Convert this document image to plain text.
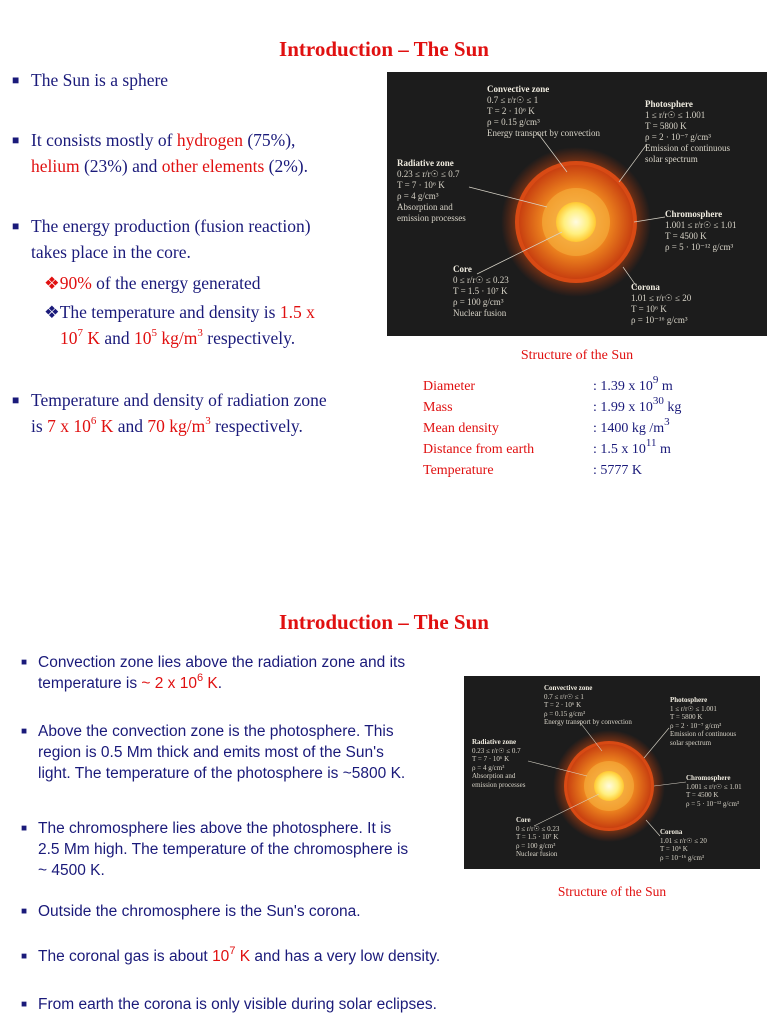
Introduction – The Sun
■ The Sun is a sphere
■ It consists mostly of hydrogen (75%),
helium (23%) and other elements (2%).
■ The energy production (fusion reaction)
takes place in the core.
❖90% of the energy generated
❖The temperature and density is 1.5 x
$10^7$ K and $10^5$ $kg/m^3$ respectively.
■ Temperature and density of radiation zone
is 7 x $10^6$ K and 70 $kg/m^3$ respectively.
Convective zone
0.7 ≤ r/r☉ ≤ 1
T = 2 · 10⁶ K
ρ = 0.15 g/cm³
Energy transport by convection
Photosphere
1 ≤ r/r☉ ≤ 1.001
T = 5800 K
ρ = 2 · 10⁻⁷ g/cm³
Emission of continuous
solar spectrum
Radiative zone
0.23 ≤ r/r☉ ≤ 0.7
T = 7 · 10⁶ K
ρ = 4 g/cm³
Absorption and
emission processes	Chromosphere
1.001 ≤ r/r☉ ≤ 1.01
T = 4500 K
ρ = 5 · 10⁻¹² g/cm³
Core
0 ≤ r/r☉ ≤ 0.23
T = 1.5 · 10⁷ K
ρ = 100 g/cm³
Nuclear fusion
Corona
1.01 ≤ r/r☉ ≤ 20
T = 10⁶ K
ρ = 10⁻¹⁶ g/cm³
Structure of the Sun
Diameter	: 1.39 x $10^9$ m
Mass	: 1.99 x $10^{30}$ kg
Mean density	: 1400 kg $/m^3$
Distance from earth	: 1.5 x $10^{11}$ m
Temperature	: 5777 K
Introduction – The Sun
■ Convection zone lies above the radiation zone and its
temperature is ~ 2 x $10^6$ K.
■ Above the convection zone is the photosphere. This
region is 0.5 Mm thick and emits most of the Sun's
light. The temperature of the photosphere is ~5800 K.
■ The chromosphere lies above the photosphere. It is
2.5 Mm high. The temperature of the chromosphere is
~ 4500 K.
■ Outside the chromosphere is the Sun's corona.
■ The coronal gas is about $10^7$ K and has a very low density.
■ From earth the corona is only visible during solar eclipses.
Convective zone
0.7 ≤ r/r☉ ≤ 1
T = 2 · 10⁶ K
ρ = 0.15 g/cm³
Energy transport by convection
Photosphere
1 ≤ r/r☉ ≤ 1.001
T = 5800 K
ρ = 2 · 10⁻⁷ g/cm³
Emission of continuous
solar spectrum
Radiative zone
0.23 ≤ r/r☉ ≤ 0.7
T = 7 · 10⁶ K
ρ = 4 g/cm³
Absorption and
emission processes
Chromosphere
1.001 ≤ r/r☉ ≤ 1.01
T = 4500 K
ρ = 5 · 10⁻¹² g/cm³
Core
0 ≤ r/r☉ ≤ 0.23
T = 1.5 · 10⁷ K
ρ = 100 g/cm³
Nuclear fusion
Corona
1.01 ≤ r/r☉ ≤ 20
T = 10⁶ K
ρ = 10⁻¹⁶ g/cm³
Structure of the Sun
